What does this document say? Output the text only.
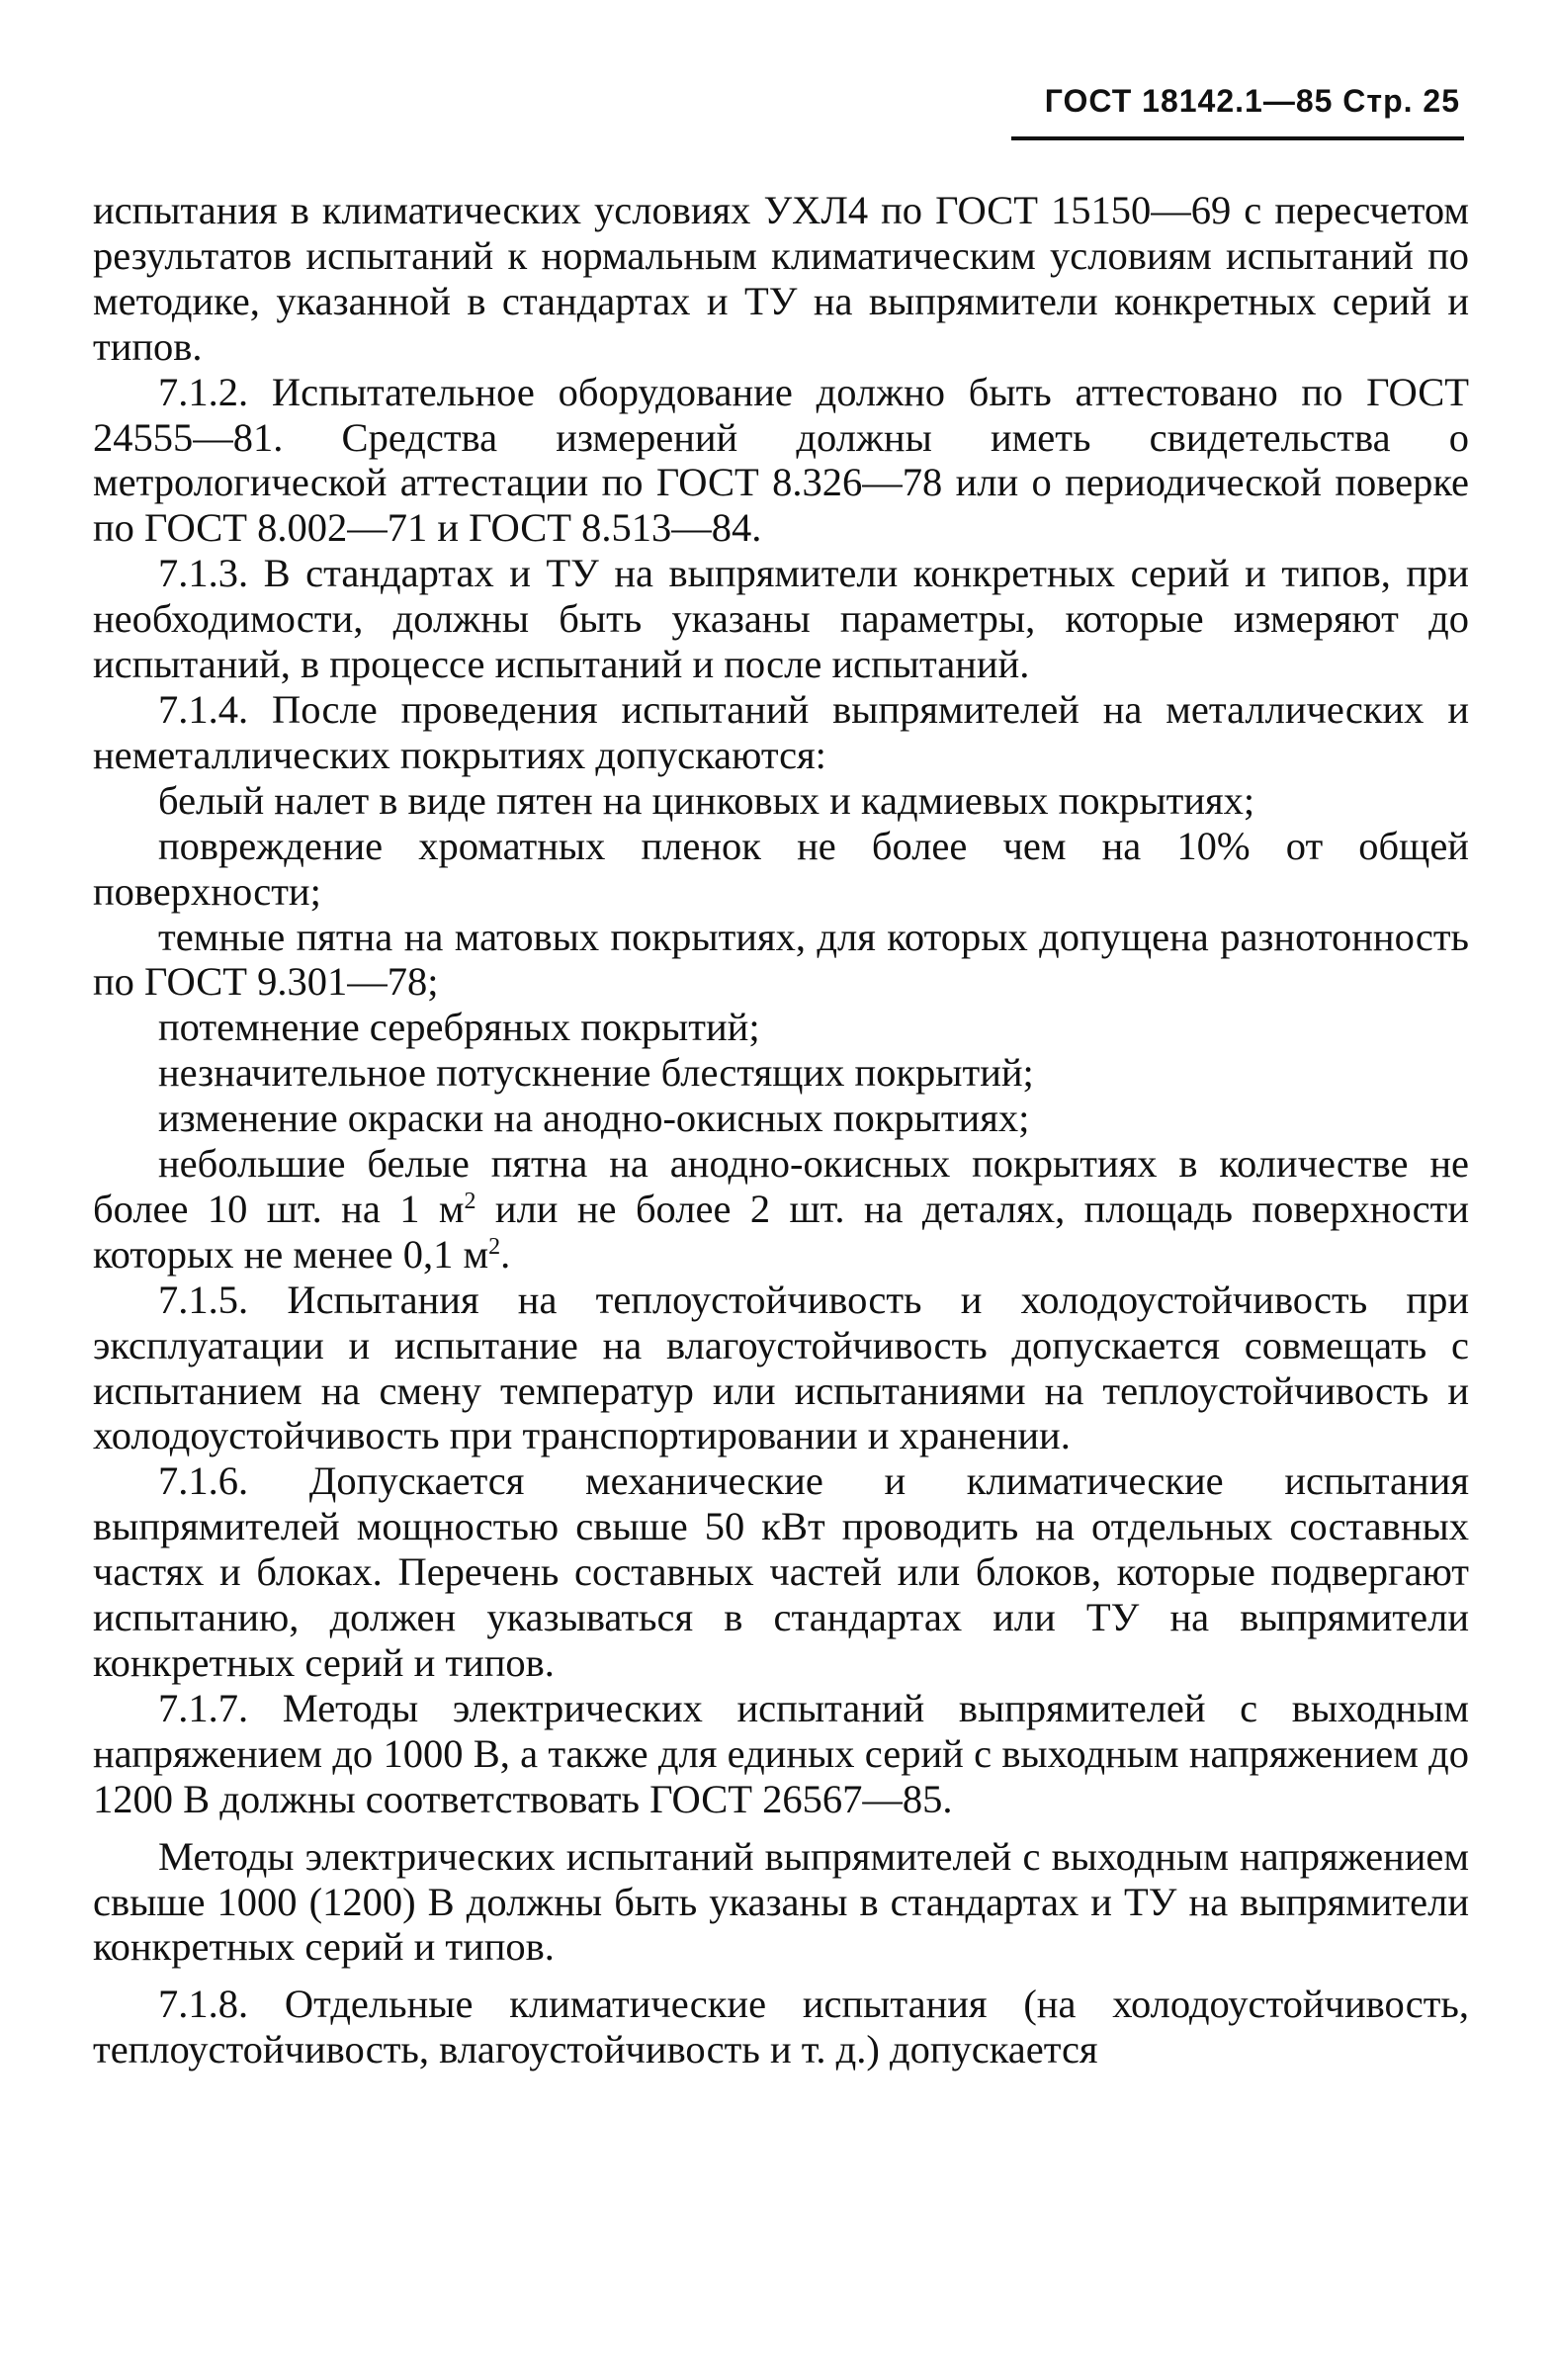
ГОСТ 18142.1—85 Стр. 25

испытания в климатических условиях УХЛ4 по ГОСТ 15150—69 с пересчетом результатов испытаний к нормальным климатическим условиям испытаний по методике, указанной в стандартах и ТУ на выпрямители конкретных серий и типов.

7.1.2. Испытательное оборудование должно быть аттестовано по ГОСТ 24555—81. Средства измерений должны иметь свидетельства о метрологической аттестации по ГОСТ 8.326—78 или о периодической поверке по ГОСТ 8.002—71 и ГОСТ 8.513—84.

7.1.3. В стандартах и ТУ на выпрямители конкретных серий и типов, при необходимости, должны быть указаны параметры, которые измеряют до испытаний, в процессе испытаний и после испытаний.

7.1.4. После проведения испытаний выпрямителей на металлических и неметаллических покрытиях допускаются:

белый налет в виде пятен на цинковых и кадмиевых покрытиях;

повреждение хроматных пленок не более чем на 10% от общей поверхности;

темные пятна на матовых покрытиях, для которых допущена разнотонность по ГОСТ 9.301—78;

потемнение серебряных покрытий;

незначительное потускнение блестящих покрытий;

изменение окраски на анодно-окисных покрытиях;

небольшие белые пятна на анодно-окисных покрытиях в количестве не более 10 шт. на 1 $м^2$ или не более 2 шт. на деталях, площадь поверхности которых не менее 0,1 $м^2$.

7.1.5. Испытания на теплоустойчивость и холодоустойчивость при эксплуатации и испытание на влагоустойчивость допускается совмещать с испытанием на смену температур или испытаниями на теплоустойчивость и холодоустойчивость при транспортировании и хранении.

7.1.6. Допускается механические и климатические испытания выпрямителей мощностью свыше 50 кВт проводить на отдельных составных частях и блоках. Перечень составных частей или блоков, которые подвергают испытанию, должен указываться в стандартах или ТУ на выпрямители конкретных серий и типов.

7.1.7. Методы электрических испытаний выпрямителей с выходным напряжением до 1000 В, а также для единых серий с выходным напряжением до 1200 В должны соответствовать ГОСТ 26567—85.

Методы электрических испытаний выпрямителей с выходным напряжением свыше 1000 (1200) В должны быть указаны в стандартах и ТУ на выпрямители конкретных серий и типов.

7.1.8. Отдельные климатические испытания (на холодоустойчивость, теплоустойчивость, влагоустойчивость и т. д.) допускается
